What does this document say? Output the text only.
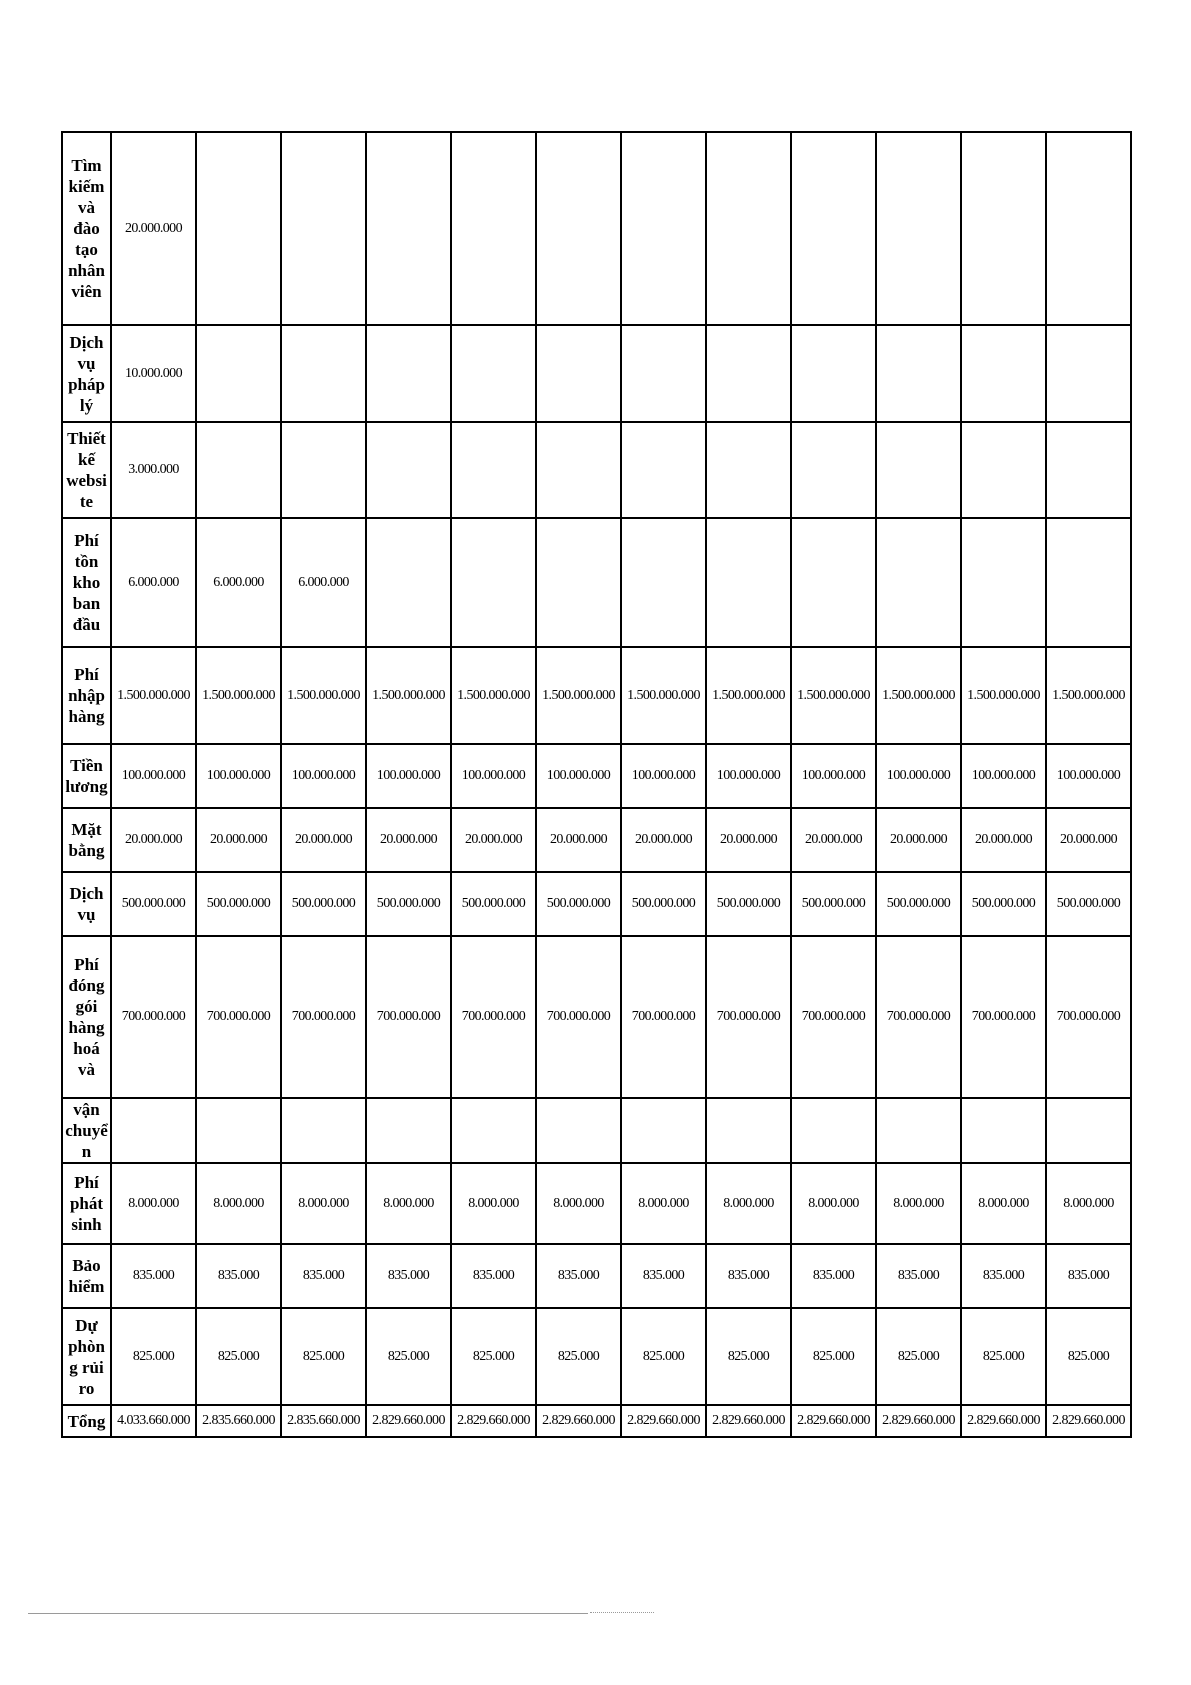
Tìm kiếm và đào tạo nhân viên	20.000.000											
Dịch vụ pháp lý	10.000.000											
Thiết kế website	3.000.000											
Phí tồn kho ban đầu	6.000.000	6.000.000	6.000.000									
Phí nhập hàng	1.500.000.000	1.500.000.000	1.500.000.000	1.500.000.000	1.500.000.000	1.500.000.000	1.500.000.000	1.500.000.000	1.500.000.000	1.500.000.000	1.500.000.000	1.500.000.000
Tiền lương	100.000.000	100.000.000	100.000.000	100.000.000	100.000.000	100.000.000	100.000.000	100.000.000	100.000.000	100.000.000	100.000.000	100.000.000
Mặt bằng	20.000.000	20.000.000	20.000.000	20.000.000	20.000.000	20.000.000	20.000.000	20.000.000	20.000.000	20.000.000	20.000.000	20.000.000
Dịch vụ	500.000.000	500.000.000	500.000.000	500.000.000	500.000.000	500.000.000	500.000.000	500.000.000	500.000.000	500.000.000	500.000.000	500.000.000
Phí đóng gói hàng hoá và	700.000.000	700.000.000	700.000.000	700.000.000	700.000.000	700.000.000	700.000.000	700.000.000	700.000.000	700.000.000	700.000.000	700.000.000
vận chuyển												
Phí phát sinh	8.000.000	8.000.000	8.000.000	8.000.000	8.000.000	8.000.000	8.000.000	8.000.000	8.000.000	8.000.000	8.000.000	8.000.000
Bảo hiểm	835.000	835.000	835.000	835.000	835.000	835.000	835.000	835.000	835.000	835.000	835.000	835.000
Dự phòng rủi ro	825.000	825.000	825.000	825.000	825.000	825.000	825.000	825.000	825.000	825.000	825.000	825.000
Tổng	4.033.660.000	2.835.660.000	2.835.660.000	2.829.660.000	2.829.660.000	2.829.660.000	2.829.660.000	2.829.660.000	2.829.660.000	2.829.660.000	2.829.660.000	2.829.660.000
